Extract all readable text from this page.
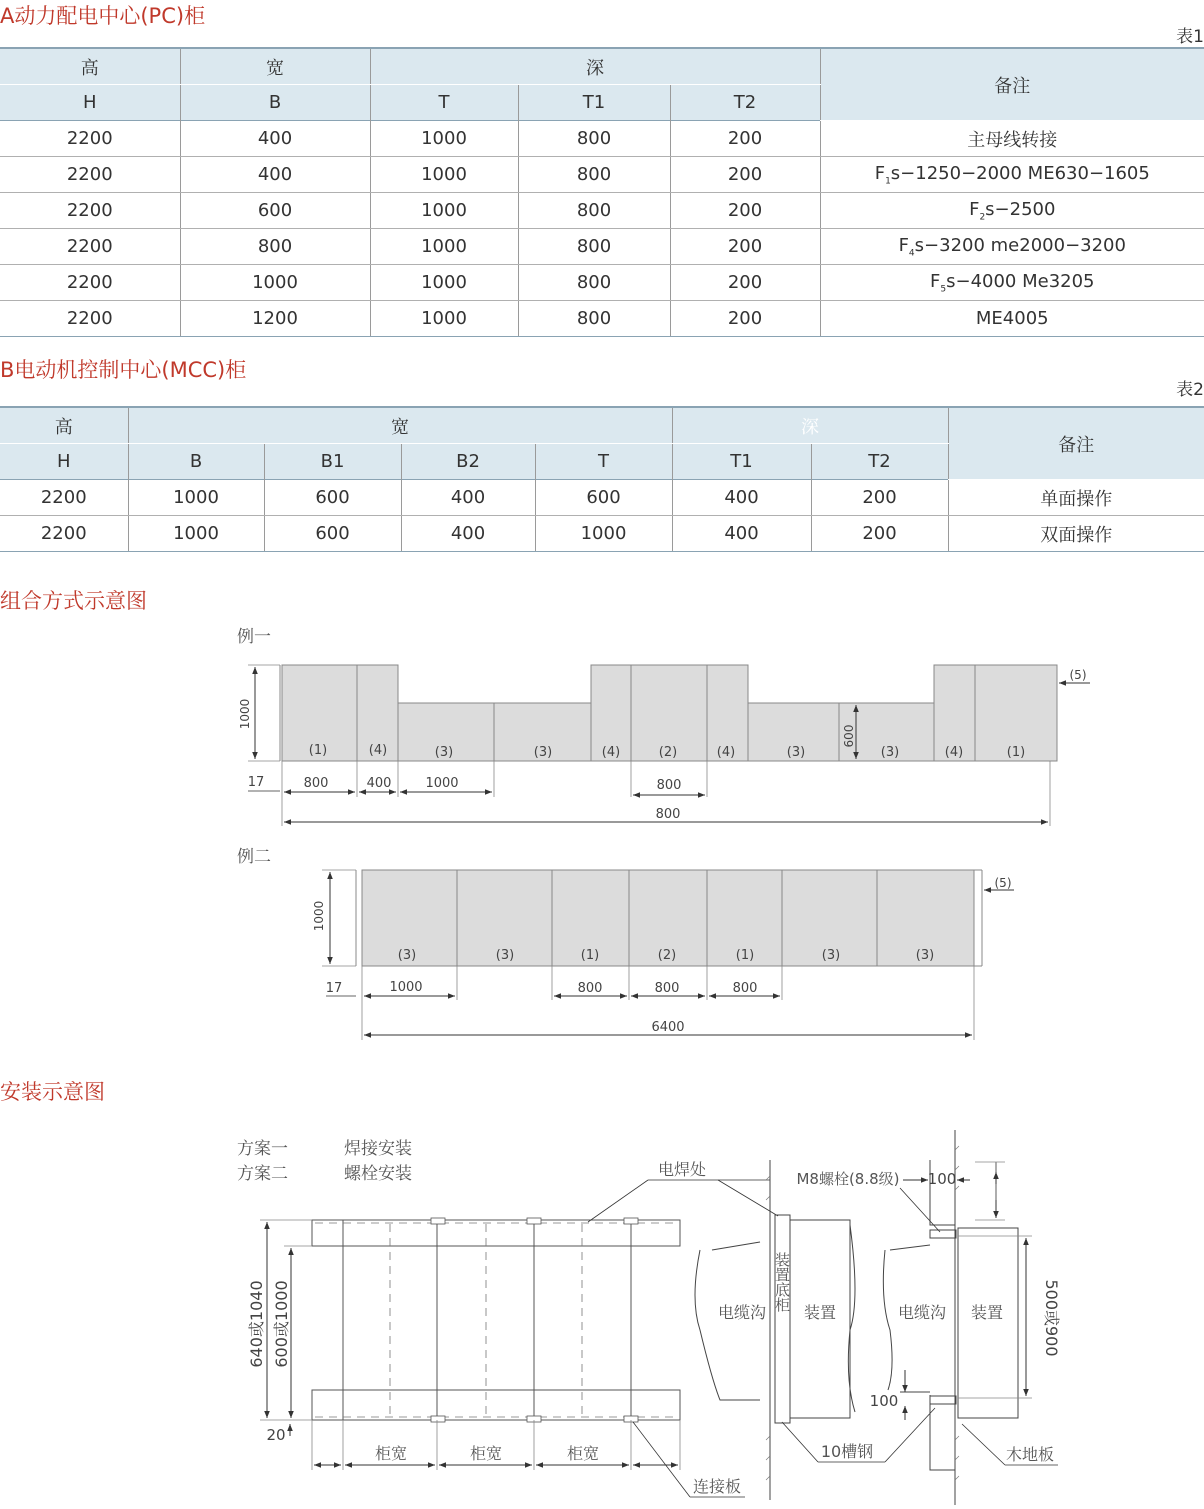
A动力配电中心(PC)柜
表1
高	宽	深			备注
H	B	T	T1	T2	
2200	400	1000	800	200	主母线转接
2200	400	1000	800	200	$F_1s-1250-2000$ ME630−1605
2200	600	1000	800	200	$F_2s-2500$
2200	800	1000	800	200	$F_4s-3200$ me2000−3200
2200	1000	1000	800	200	$F_5s-4000$ Me3205
2200	1200	1000	800	200	ME4005
B电动机控制中心(MCC)柜
表2
高	宽				深		备注
H	B	B1	B2	T	T1	T2	
2200	1000	600	400	600	400	200	单面操作
2200	1000	600	400	1000	400	200	双面操作
组合方式示意图
例一
(1)	(4)	(3)	(3)	(4)	(2)	(4)	(3)	(3)	(4)	(1)
1000
600
(5)
17	800	400	1000	800
800
例二
(3)	(3)	(1)	(2)	(1)	(3)	(3)
1000
(5)
17	1000	800	800	800
6400
方案一	焊接安装
方案二	螺栓安装
640或1040 600或1000
20
柜宽	柜宽	柜宽
电焊处
连接板
电缆沟 装置
装置底柜
10槽钢
电缆沟 装置
M8螺栓(8.8级) 100
100
500或900
木地板
安装示意图
